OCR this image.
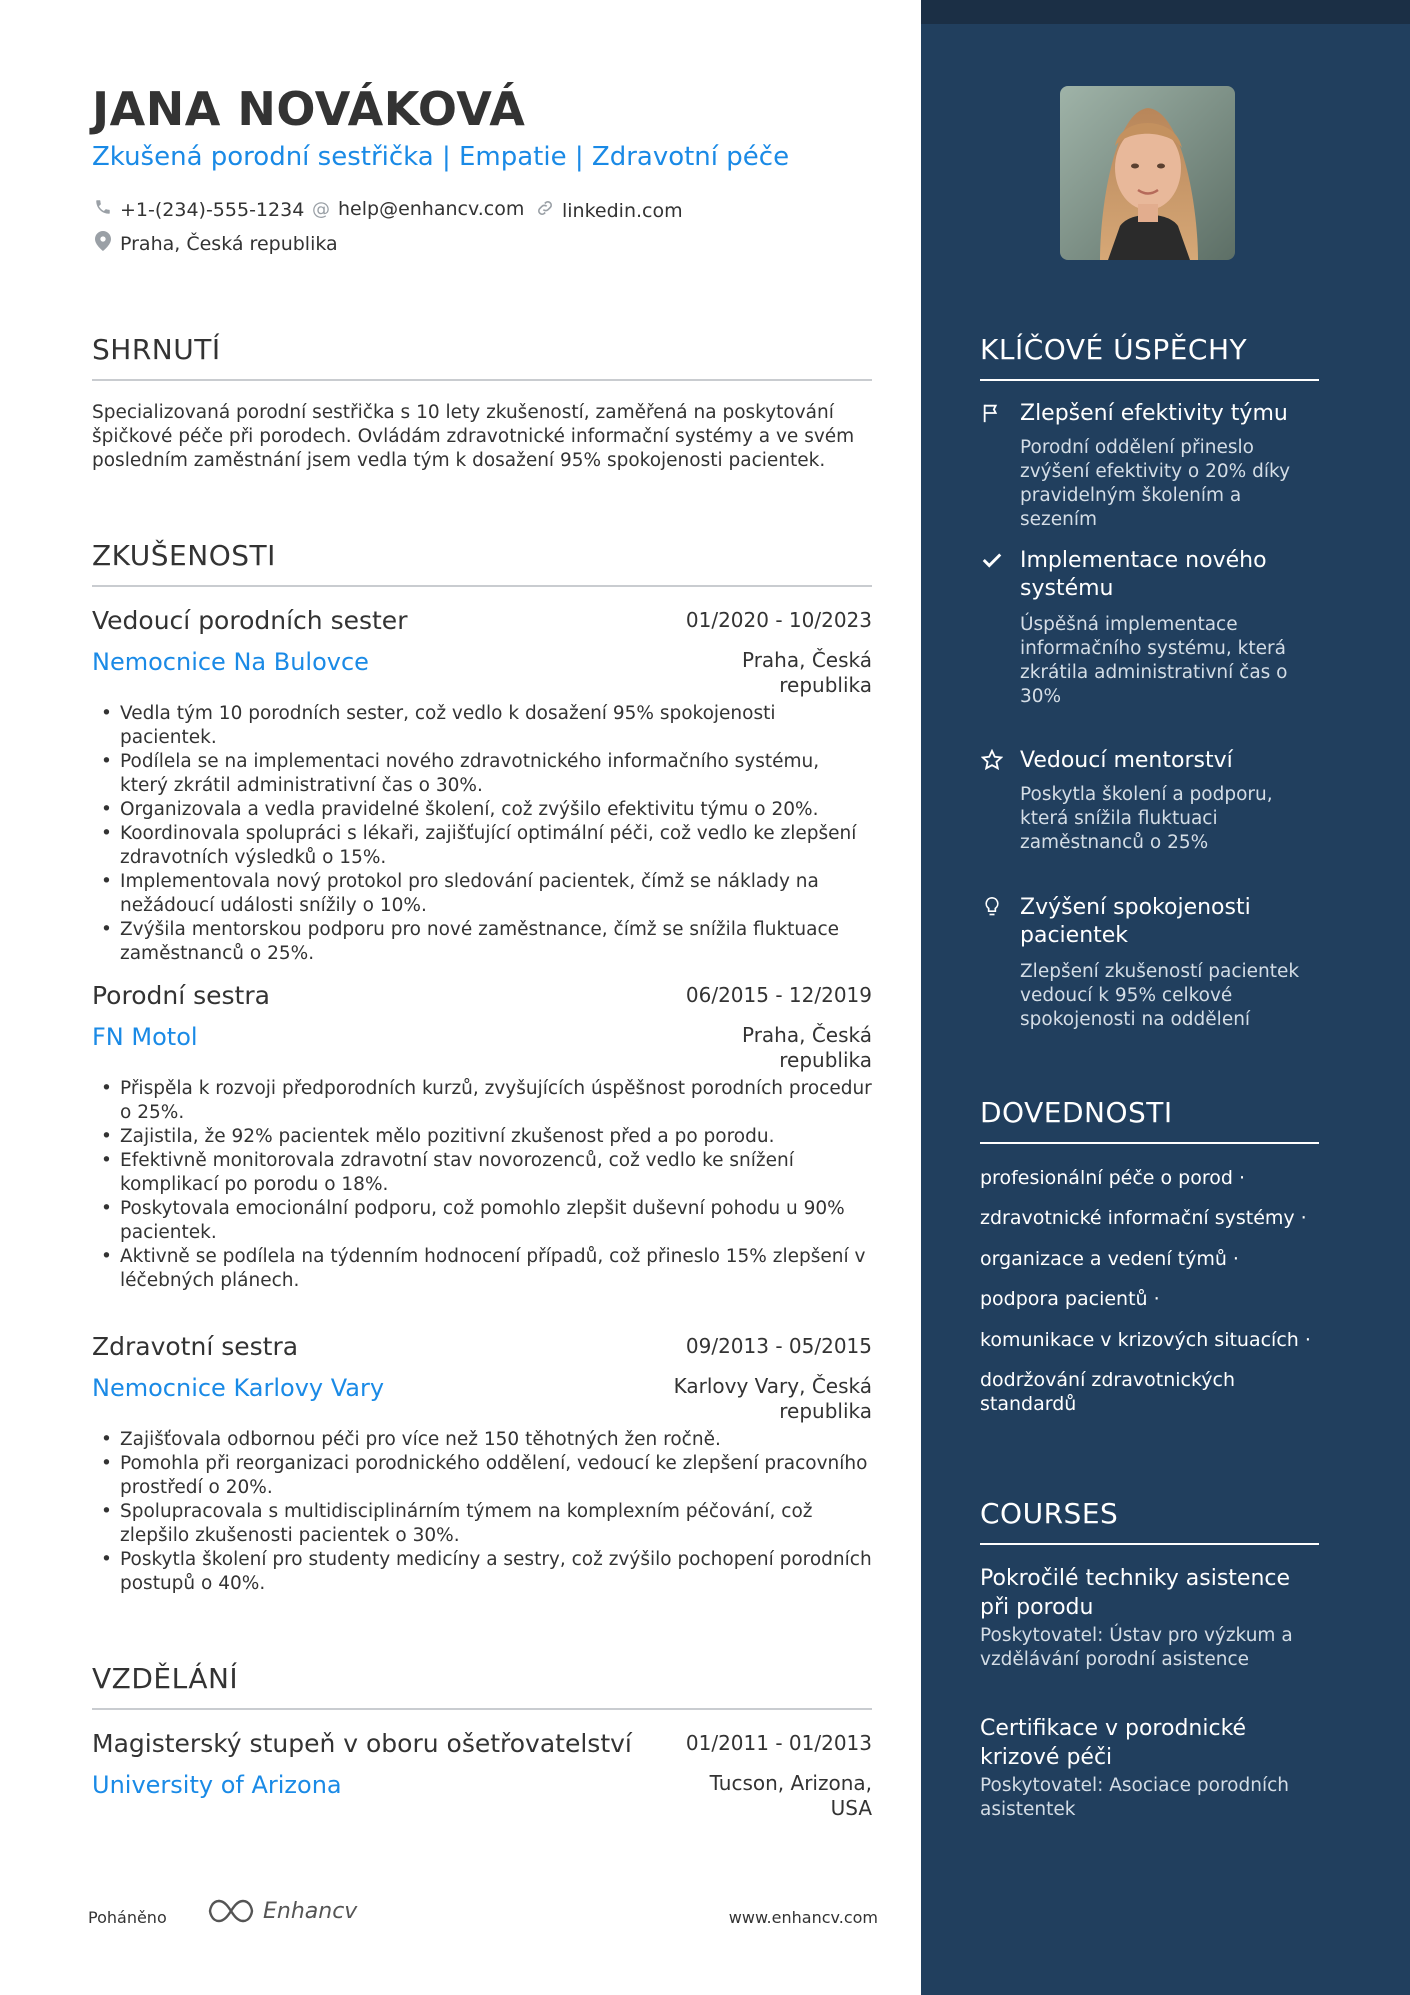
JANA NOVÁKOVÁ
Zkušená porodní sestřička | Empatie | Zdravotní péče
+1-(234)-555-1234 @ help@enhancv.com linkedin.com
Praha, Česká republika
SHRNUTÍ
Specializovaná porodní sestřička s 10 lety zkušeností, zaměřená na poskytování špičkové péče při porodech. Ovládám zdravotnické informační systémy a ve svém posledním zaměstnání jsem vedla tým k dosažení 95% spokojenosti pacientek.
ZKUŠENOSTI
Vedoucí porodních sester	01/2020 - 10/2023
Nemocnice Na Bulovce	Praha, Česká
republika
• Vedla tým 10 porodních sester, což vedlo k dosažení 95% spokojenosti pacientek.
• Podílela se na implementaci nového zdravotnického informačního systému, který zkrátil administrativní čas o 30%.
• Organizovala a vedla pravidelné školení, což zvýšilo efektivitu týmu o 20%.
• Koordinovala spolupráci s lékaři, zajišťující optimální péči, což vedlo ke zlepšení zdravotních výsledků o 15%.
• Implementovala nový protokol pro sledování pacientek, čímž se náklady na nežádoucí události snížily o 10%.
• Zvýšila mentorskou podporu pro nové zaměstnance, čímž se snížila fluktuace zaměstnanců o 25%.
Porodní sestra	06/2015 - 12/2019
FN Motol	Praha, Česká
republika
• Přispěla k rozvoji předporodních kurzů, zvyšujících úspěšnost porodních procedur o 25%.
• Zajistila, že 92% pacientek mělo pozitivní zkušenost před a po porodu.
• Efektivně monitorovala zdravotní stav novorozenců, což vedlo ke snížení komplikací po porodu o 18%.
• Poskytovala emocionální podporu, což pomohlo zlepšit duševní pohodu u 90% pacientek.
• Aktivně se podílela na týdenním hodnocení případů, což přineslo 15% zlepšení v léčebných plánech.
Zdravotní sestra	09/2013 - 05/2015
Nemocnice Karlovy Vary	Karlovy Vary, Česká
republika
• Zajišťovala odbornou péči pro více než 150 těhotných žen ročně.
• Pomohla při reorganizaci porodnického oddělení, vedoucí ke zlepšení pracovního prostředí o 20%.
• Spolupracovala s multidisciplinárním týmem na komplexním péčování, což zlepšilo zkušenosti pacientek o 30%.
• Poskytla školení pro studenty medicíny a sestry, což zvýšilo pochopení porodních postupů o 40%.
VZDĚLÁNÍ
Magisterský stupeň v oboru ošetřovatelství	01/2011 - 01/2013
University of Arizona	Tucson, Arizona,
USA
Poháněno	Enhancv	www.enhancv.com
KLÍČOVÉ ÚSPĚCHY
Zlepšení efektivity týmu
Porodní oddělení přineslo zvýšení efektivity o 20% díky pravidelným školením a sezením
Implementace nového systému
Úspěšná implementace informačního systému, která zkrátila administrativní čas o 30%
Vedoucí mentorství
Poskytla školení a podporu, která snížila fluktuaci zaměstnanců o 25%
Zvýšení spokojenosti pacientek
Zlepšení zkušeností pacientek vedoucí k 95% celkové spokojenosti na oddělení
DOVEDNOSTI
profesionální péče o porod ·
zdravotnické informační systémy ·
organizace a vedení týmů ·
podpora pacientů ·
komunikace v krizových situacích ·
dodržování zdravotnických standardů
COURSES
Pokročilé techniky asistence při porodu
Poskytovatel: Ústav pro výzkum a vzdělávání porodní asistence
Certifikace v porodnické krizové péči
Poskytovatel: Asociace porodních asistentek
